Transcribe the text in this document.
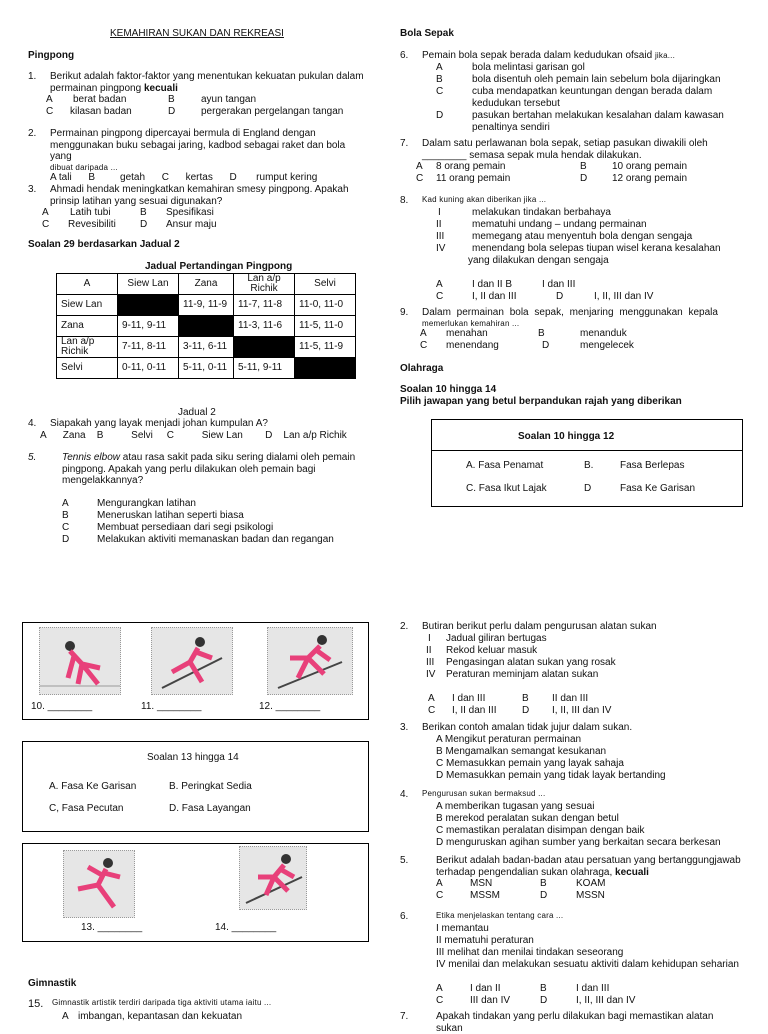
KEMAHIRAN SUKAN DAN REKREASI
Pingpong
1.	Berikut adalah faktor-faktor yang menentukan kekuatan pukulan dalam
permainan pingpong kecuali
A berat badan	B	ayun tangan
C kilasan badan	D	pergerakan pergelangan tangan
2.	Permainan pingpong dipercayai bermula di England dengan
menggunakan buku sebagai jaring, kadbod sebagai raket dan bola yang
dibuat daripada ...
A tali      B         getah      C      kertas      D       rumput kering
3.	Ahmadi hendak meningkatkan kemahiran smesy pingpong. Apakah
prinsip latihan yang sesuai digunakan?
A Latih tubi	B Spesifikasi
C Revesibiliti D Ansur maju
Soalan 29 berdasarkan Jadual 2
Jadual Pertandingan Pingpong
A	Siew Lan	Zana	Lan a/p Richik	Selvi
Siew Lan		11-9, 11-9	11-7, 11-8	11-0, 11-0
Zana	9-11, 9-11		11-3, 11-6	11-5, 11-0
Lan a/p Richik	7-11, 8-11	3-11, 6-11		11-5, 11-9
Selvi	0-11, 0-11	5-11, 0-11	5-11, 9-11	
Jadual 2
4.	Siapakah yang layak menjadi johan kumpulan A?
A      Zana    B          Selvi     C          Siew Lan        D    Lan a/p Richik
5.	Tennis elbow atau rasa sakit pada siku sering dialami oleh pemain
pingpong. Apakah yang perlu dilakukan oleh pemain bagi
mengelakkannya?
A	Mengurangkan latihan
B	Meneruskan latihan seperti biasa
C	Membuat persediaan dari segi psikologi
D	Melakukan aktiviti memanaskan badan dan regangan
10. ________	11. ________	12. ________
Soalan 13 hingga 14
A. Fasa Ke Garisan	B. Peringkat Sedia
C, Fasa Pecutan	D. Fasa Layangan
13. ________	14. ________
Gimnastik
15.	Gimnastik artistik terdiri daripada tiga aktiviti utama iaitu ...
A imbangan, kepantasan dan kekuatan
Bola Sepak
6.	Pemain bola sepak berada dalam kedudukan ofsaid jika...
A	bola melintasi garisan gol
B	bola disentuh oleh pemain lain sebelum bola dijaringkan
C	cuba mendapatkan keuntungan dengan berada dalam
kedudukan tersebut
D	pasukan bertahan melakukan kesalahan dalam kawasan
penaltinya sendiri
7.	Dalam satu perlawanan bola sepak, setiap pasukan diwakili oleh
________ semasa sepak mula hendak dilakukan.
A 8 orang pemain	B	10 orang pemain
C 11 orang pemain	D 12 orang pemain
8.	Kad kuning akan diberikan jika ...
I	melakukan tindakan berbahaya
II	mematuhi undang – undang permainan
III	memegang atau menyentuh bola dengan sengaja
IV	menendang bola selepas tiupan wisel kerana kesalahan
yang dilakukan dengan sengaja
A	I dan II B	I dan III
C	I, II dan III	D	I, II, III dan IV
9.	Dalam permainan bola sepak, menjaring menggunakan kepala
memerlukan kemahiran ...
A menahan	B	menanduk
C menendang	D	mengelecek
Olahraga
Soalan 10 hingga 14
Pilih jawapan yang betul berpandukan rajah yang diberikan
Soalan 10 hingga 12
A. Fasa Penamat	B.	Fasa Berlepas
C. Fasa Ikut Lajak	D	Fasa Ke Garisan
2.	Butiran berikut perlu dalam pengurusan alatan sukan
I Jadual giliran bertugas
II Rekod keluar masuk
III Pengasingan alatan sukan yang rosak
IV Peraturan meminjam alatan sukan
A I dan III	B II dan III
C I, II dan III	D I, II, III dan IV
3.	Berikan contoh amalan tidak jujur dalam sukan.
A Mengikut peraturan permainan
B Mengamalkan semangat kesukanan
C Memasukkan pemain yang layak sahaja
D Memasukkan pemain yang tidak layak bertanding
4.	Pengurusan sukan bermaksud ...
A memberikan tugasan yang sesuai
B merekod peralatan sukan dengan betul
C memastikan peralatan disimpan dengan baik
D menguruskan agihan sumber yang berkaitan secara berkesan
5.	Berikut adalah badan-badan atau persatuan yang bertanggungjawab
terhadap pengendalian sukan olahraga, kecuali
A	MSN	B	KOAM
C	MSSM	D	MSSN
6.	Etika menjelaskan tentang cara ...
I memantau
II mematuhi peraturan
III melihat dan menilai tindakan seseorang
IV menilai dan melakukan sesuatu aktiviti dalam kehidupan seharian
A	I dan II	B	I dan III
C	III dan IV	D	I, II, III dan IV
7.	Apakah tindakan yang perlu dilakukan bagi memastikan alatan sukan
